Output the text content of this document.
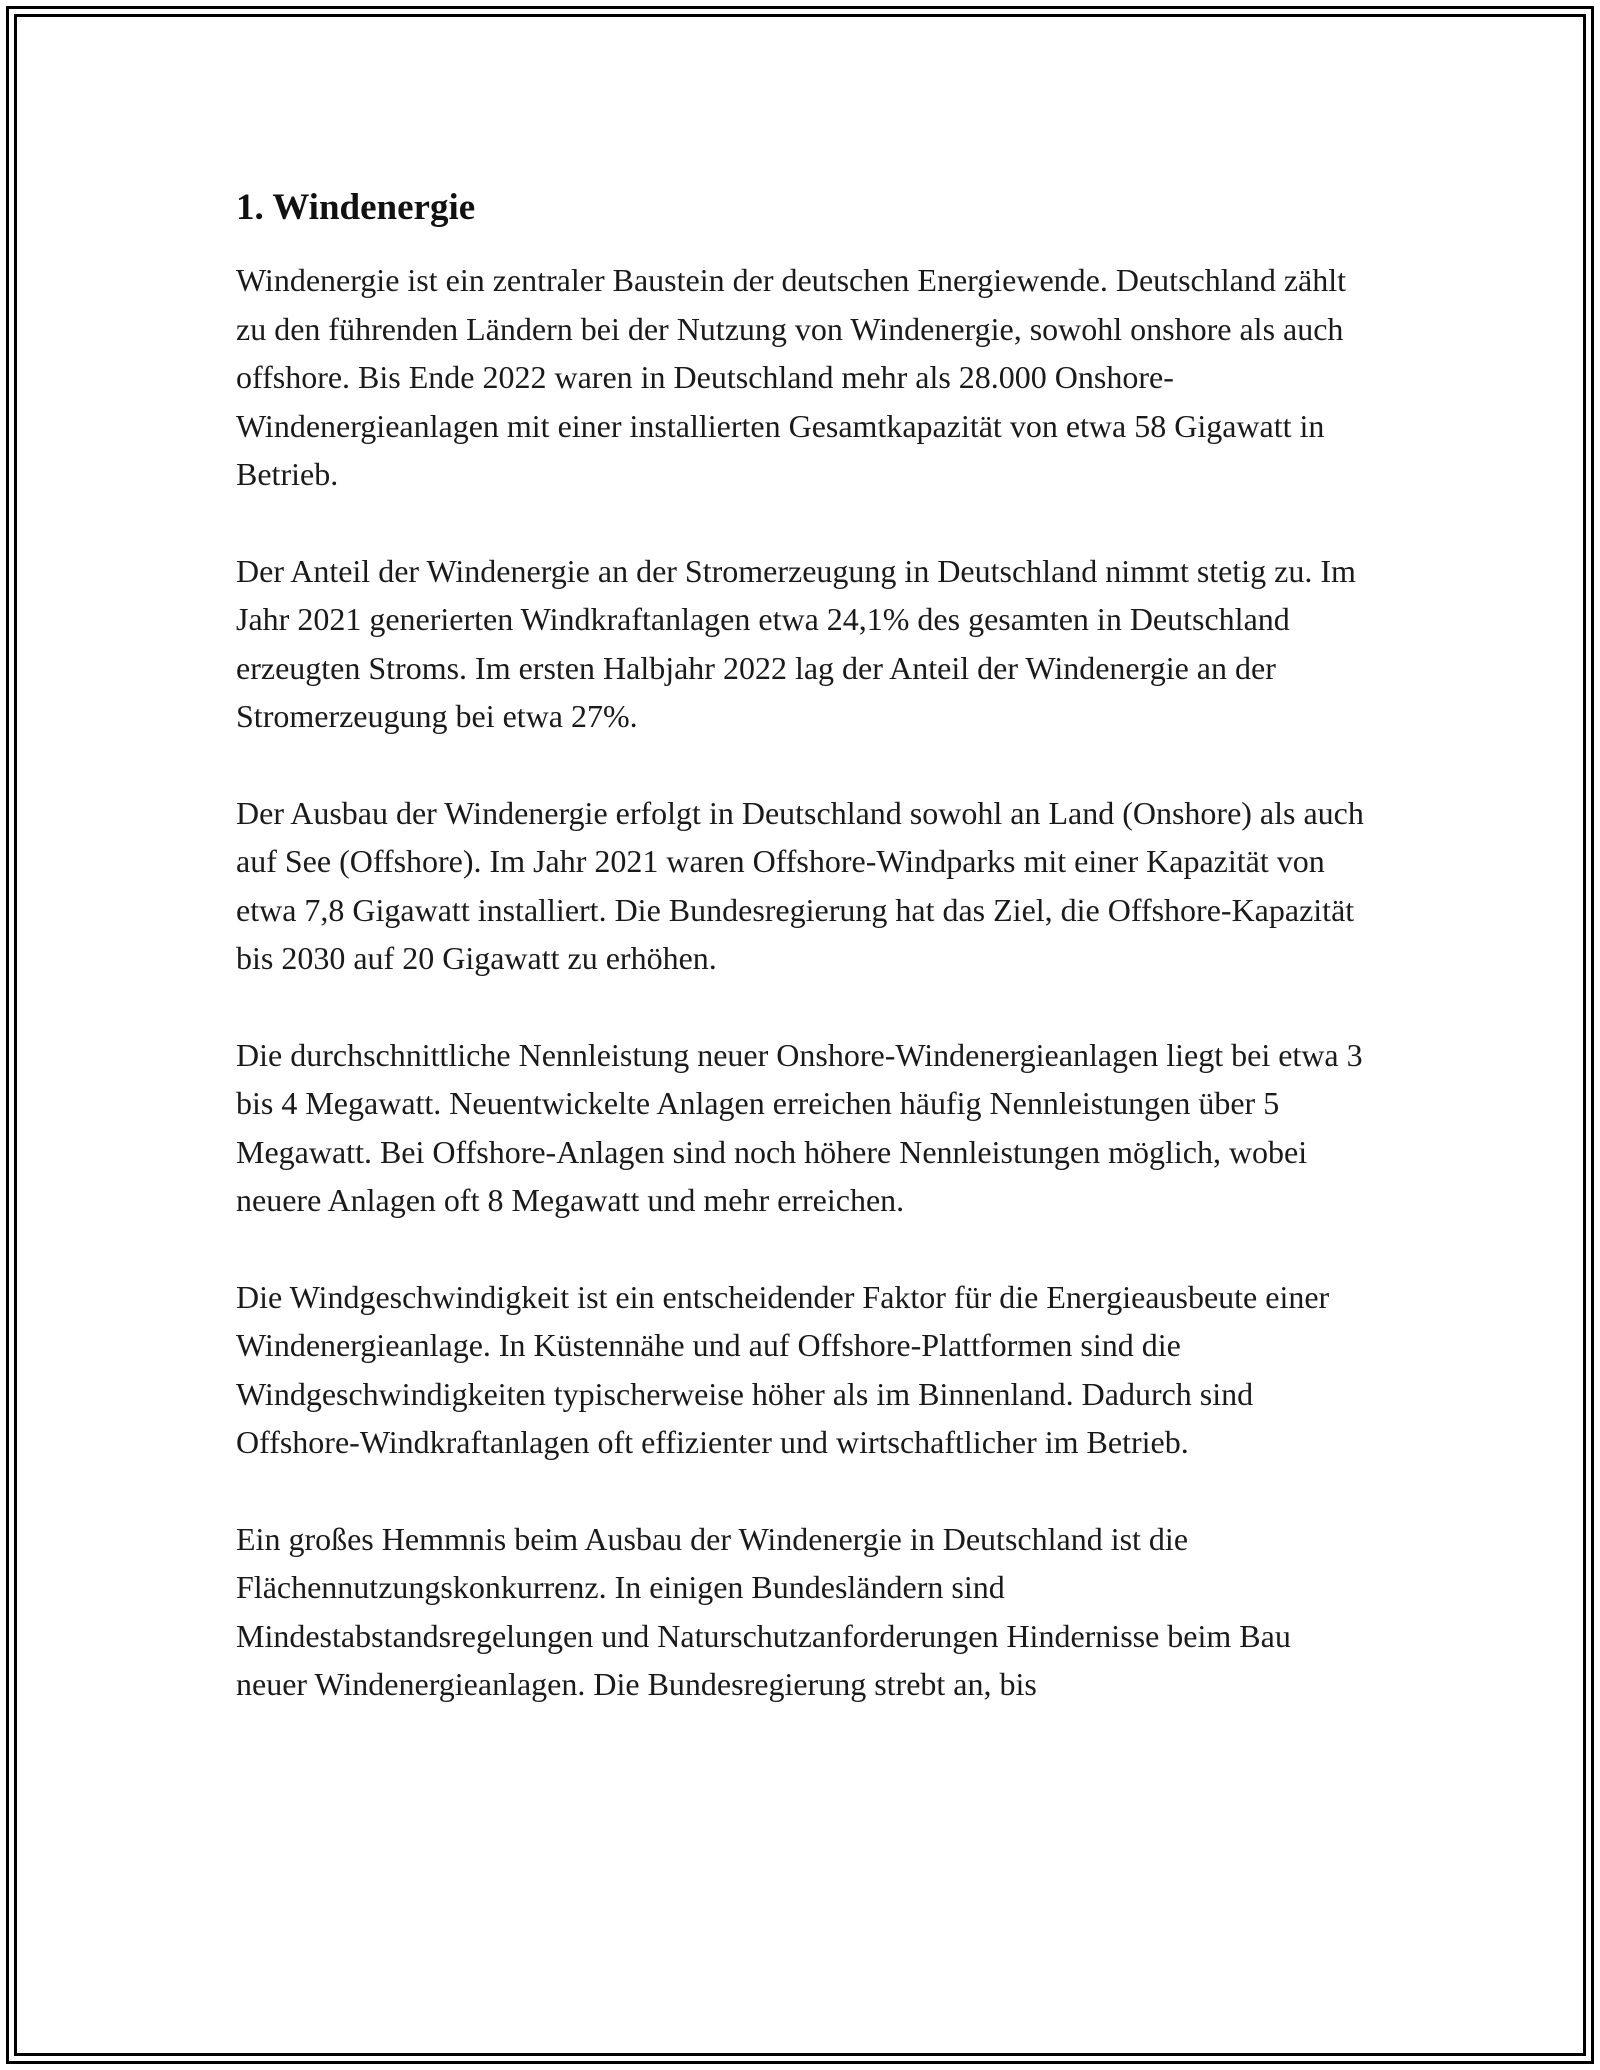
1. Windenergie

Windenergie ist ein zentraler Baustein der deutschen Energiewende. Deutschland zählt zu den führenden Ländern bei der Nutzung von Windenergie, sowohl onshore als auch offshore. Bis Ende 2022 waren in Deutschland mehr als 28.000 Onshore-Windenergieanlagen mit einer installierten Gesamtkapazität von etwa 58 Gigawatt in Betrieb.

Der Anteil der Windenergie an der Stromerzeugung in Deutschland nimmt stetig zu. Im Jahr 2021 generierten Windkraftanlagen etwa 24,1% des gesamten in Deutschland erzeugten Stroms. Im ersten Halbjahr 2022 lag der Anteil der Windenergie an der Stromerzeugung bei etwa 27%.

Der Ausbau der Windenergie erfolgt in Deutschland sowohl an Land (Onshore) als auch auf See (Offshore). Im Jahr 2021 waren Offshore-Windparks mit einer Kapazität von etwa 7,8 Gigawatt installiert. Die Bundesregierung hat das Ziel, die Offshore-Kapazität bis 2030 auf 20 Gigawatt zu erhöhen.

Die durchschnittliche Nennleistung neuer Onshore-Windenergieanlagen liegt bei etwa 3 bis 4 Megawatt. Neuentwickelte Anlagen erreichen häufig Nennleistungen über 5 Megawatt. Bei Offshore-Anlagen sind noch höhere Nennleistungen möglich, wobei neuere Anlagen oft 8 Megawatt und mehr erreichen.

Die Windgeschwindigkeit ist ein entscheidender Faktor für die Energieausbeute einer Windenergieanlage. In Küstennähe und auf Offshore-Plattformen sind die Windgeschwindigkeiten typischerweise höher als im Binnenland. Dadurch sind Offshore-Windkraftanlagen oft effizienter und wirtschaftlicher im Betrieb.

Ein großes Hemmnis beim Ausbau der Windenergie in Deutschland ist die Flächennutzungskonkurrenz. In einigen Bundesländern sind Mindestabstandsregelungen und Naturschutzanforderungen Hindernisse beim Bau neuer Windenergieanlagen. Die Bundesregierung strebt an, bis
